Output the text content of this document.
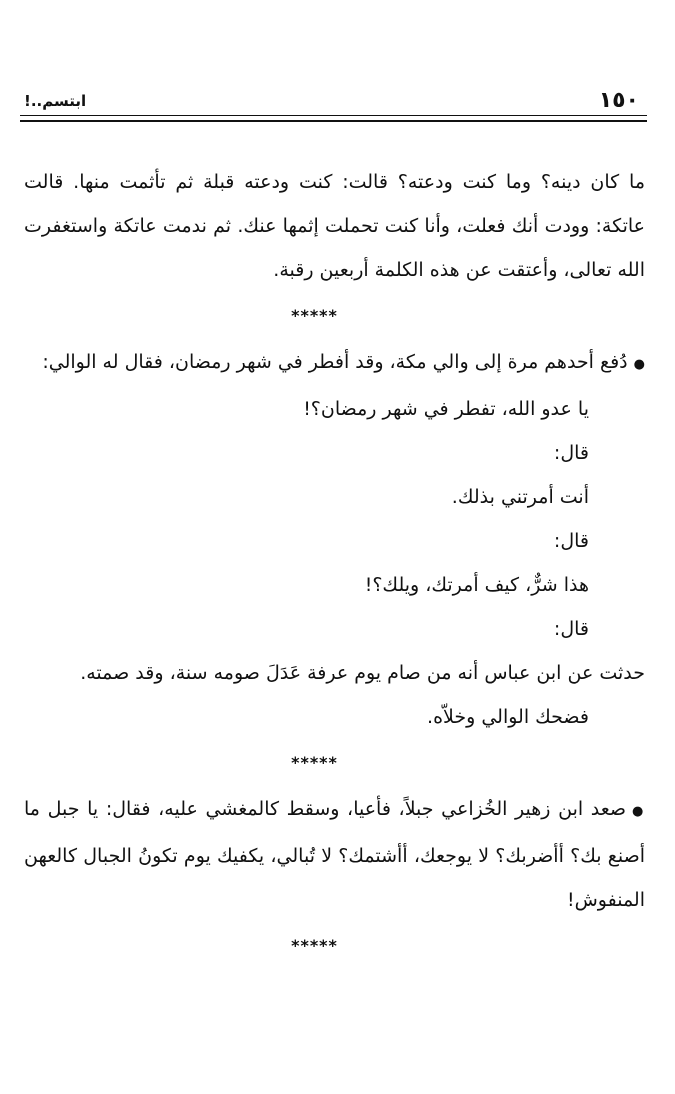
١٥٠
ابتسم..!

ما كان دينه؟ وما كنت ودعته؟ قالت: كنت ودعته قبلة ثم تأثمت منها. قالت عاتكة: وودت أنك فعلت، وأنا كنت تحملت إثمها عنك. ثم ندمت عاتكة واستغفرت الله تعالى، وأعتقت عن هذه الكلمة أربعين رقبة.

*****

● دُفع أحدهم مرة إلى والي مكة، وقد أفطر في شهر رمضان، فقال له الوالي:

يا عدو الله، تفطر في شهر رمضان؟!

قال:

أنت أمرتني بذلك.

قال:

هذا شرٌّ، كيف أمرتك، ويلك؟!

قال:

حدثت عن ابن عباس أنه من صام يوم عرفة عَدَلَ صومه سنة، وقد صمته.

فضحك الوالي وخلاّه.

*****

● صعد ابن زهير الخُزاعي جبلاً، فأعيا، وسقط كالمغشي عليه، فقال: يا جبل ما أصنع بك؟ أأضربك؟ لا يوجعك، أأشتمك؟ لا تُبالي، يكفيك يوم تكونُ الجبال كالعهن المنفوش!

*****
